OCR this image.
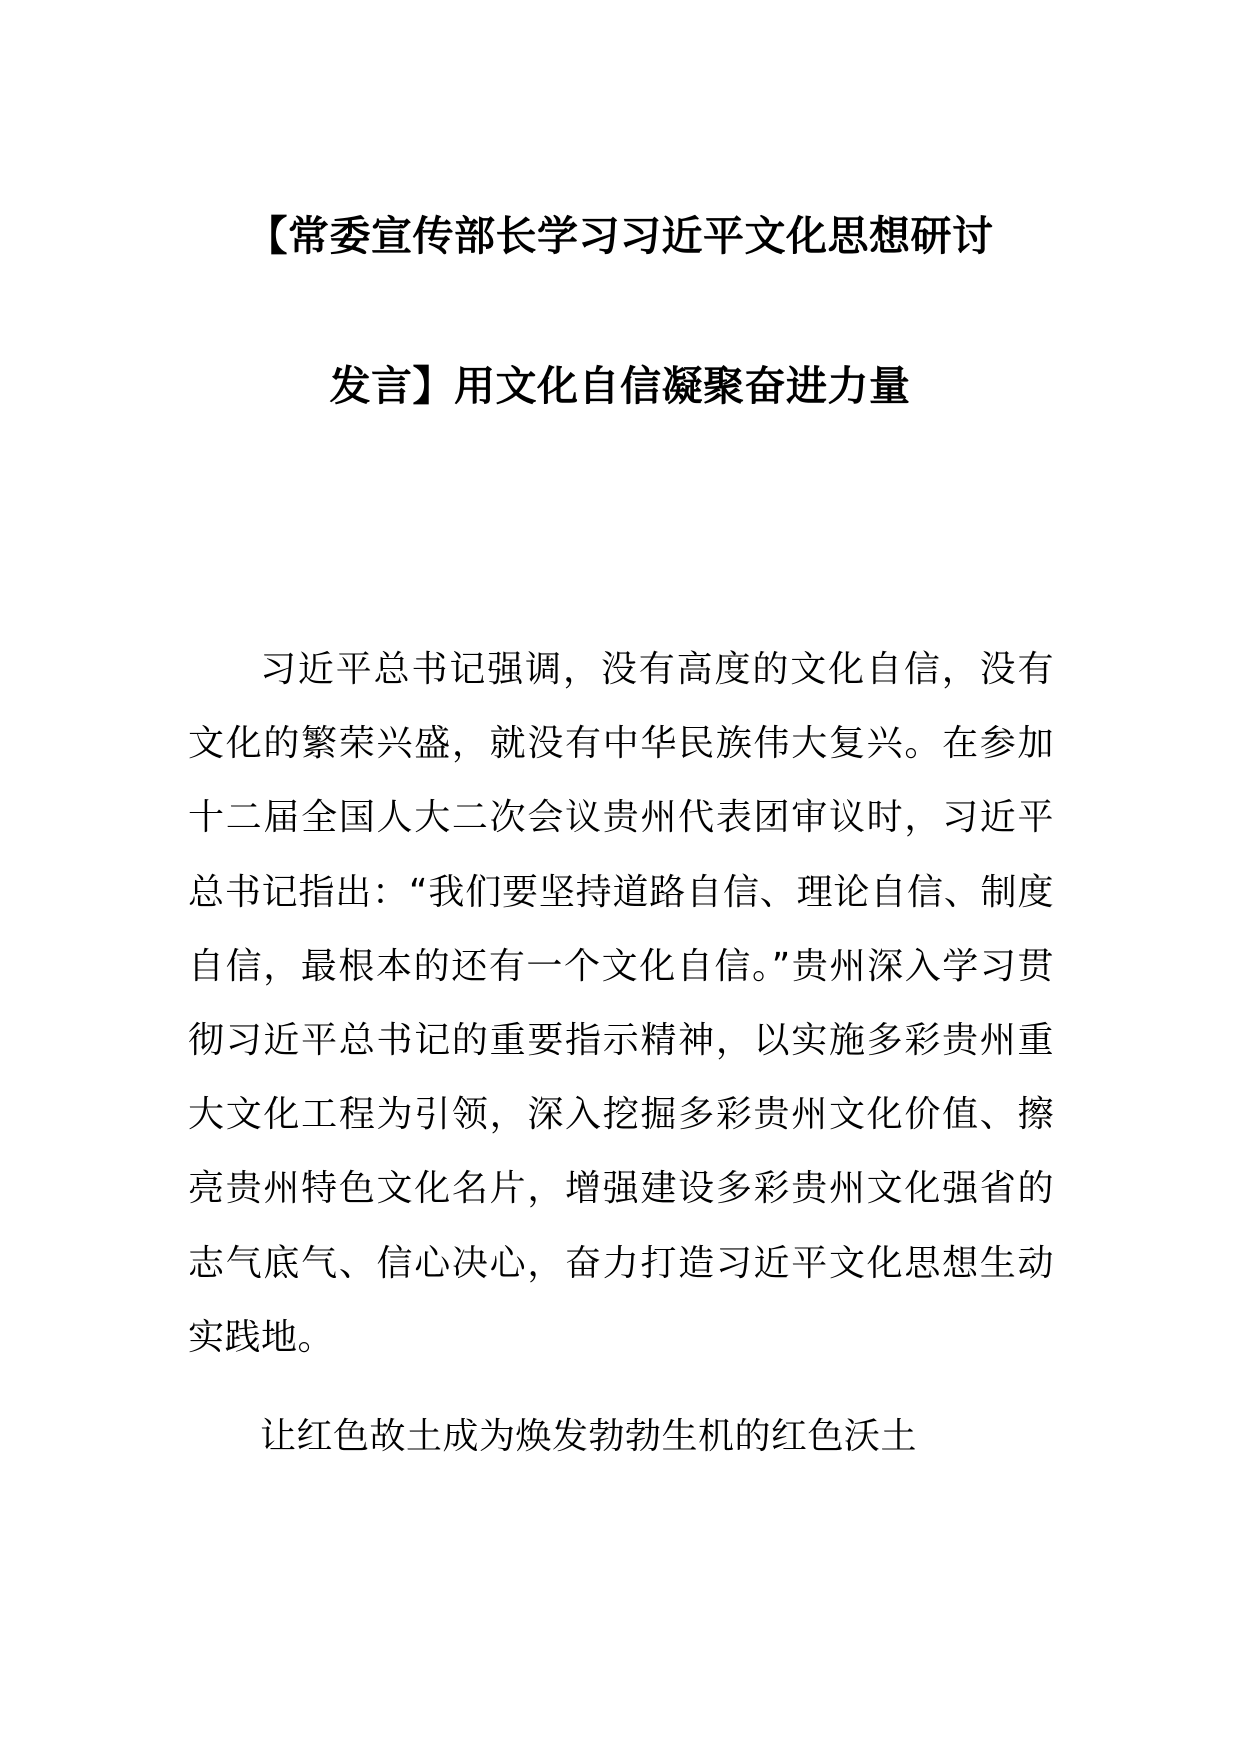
【常委宣传部长学习习近平文化思想研讨
发言】用文化自信凝聚奋进力量

习近平总书记强调，没有高度的文化自信，没有文化的繁荣兴盛，就没有中华民族伟大复兴。在参加十二届全国人大二次会议贵州代表团审议时，习近平总书记指出：“我们要坚持道路自信、理论自信、制度自信，最根本的还有一个文化自信。”贵州深入学习贯彻习近平总书记的重要指示精神，以实施多彩贵州重大文化工程为引领，深入挖掘多彩贵州文化价值、擦亮贵州特色文化名片，增强建设多彩贵州文化强省的志气底气、信心决心，奋力打造习近平文化思想生动实践地。

让红色故土成为焕发勃勃生机的红色沃土
